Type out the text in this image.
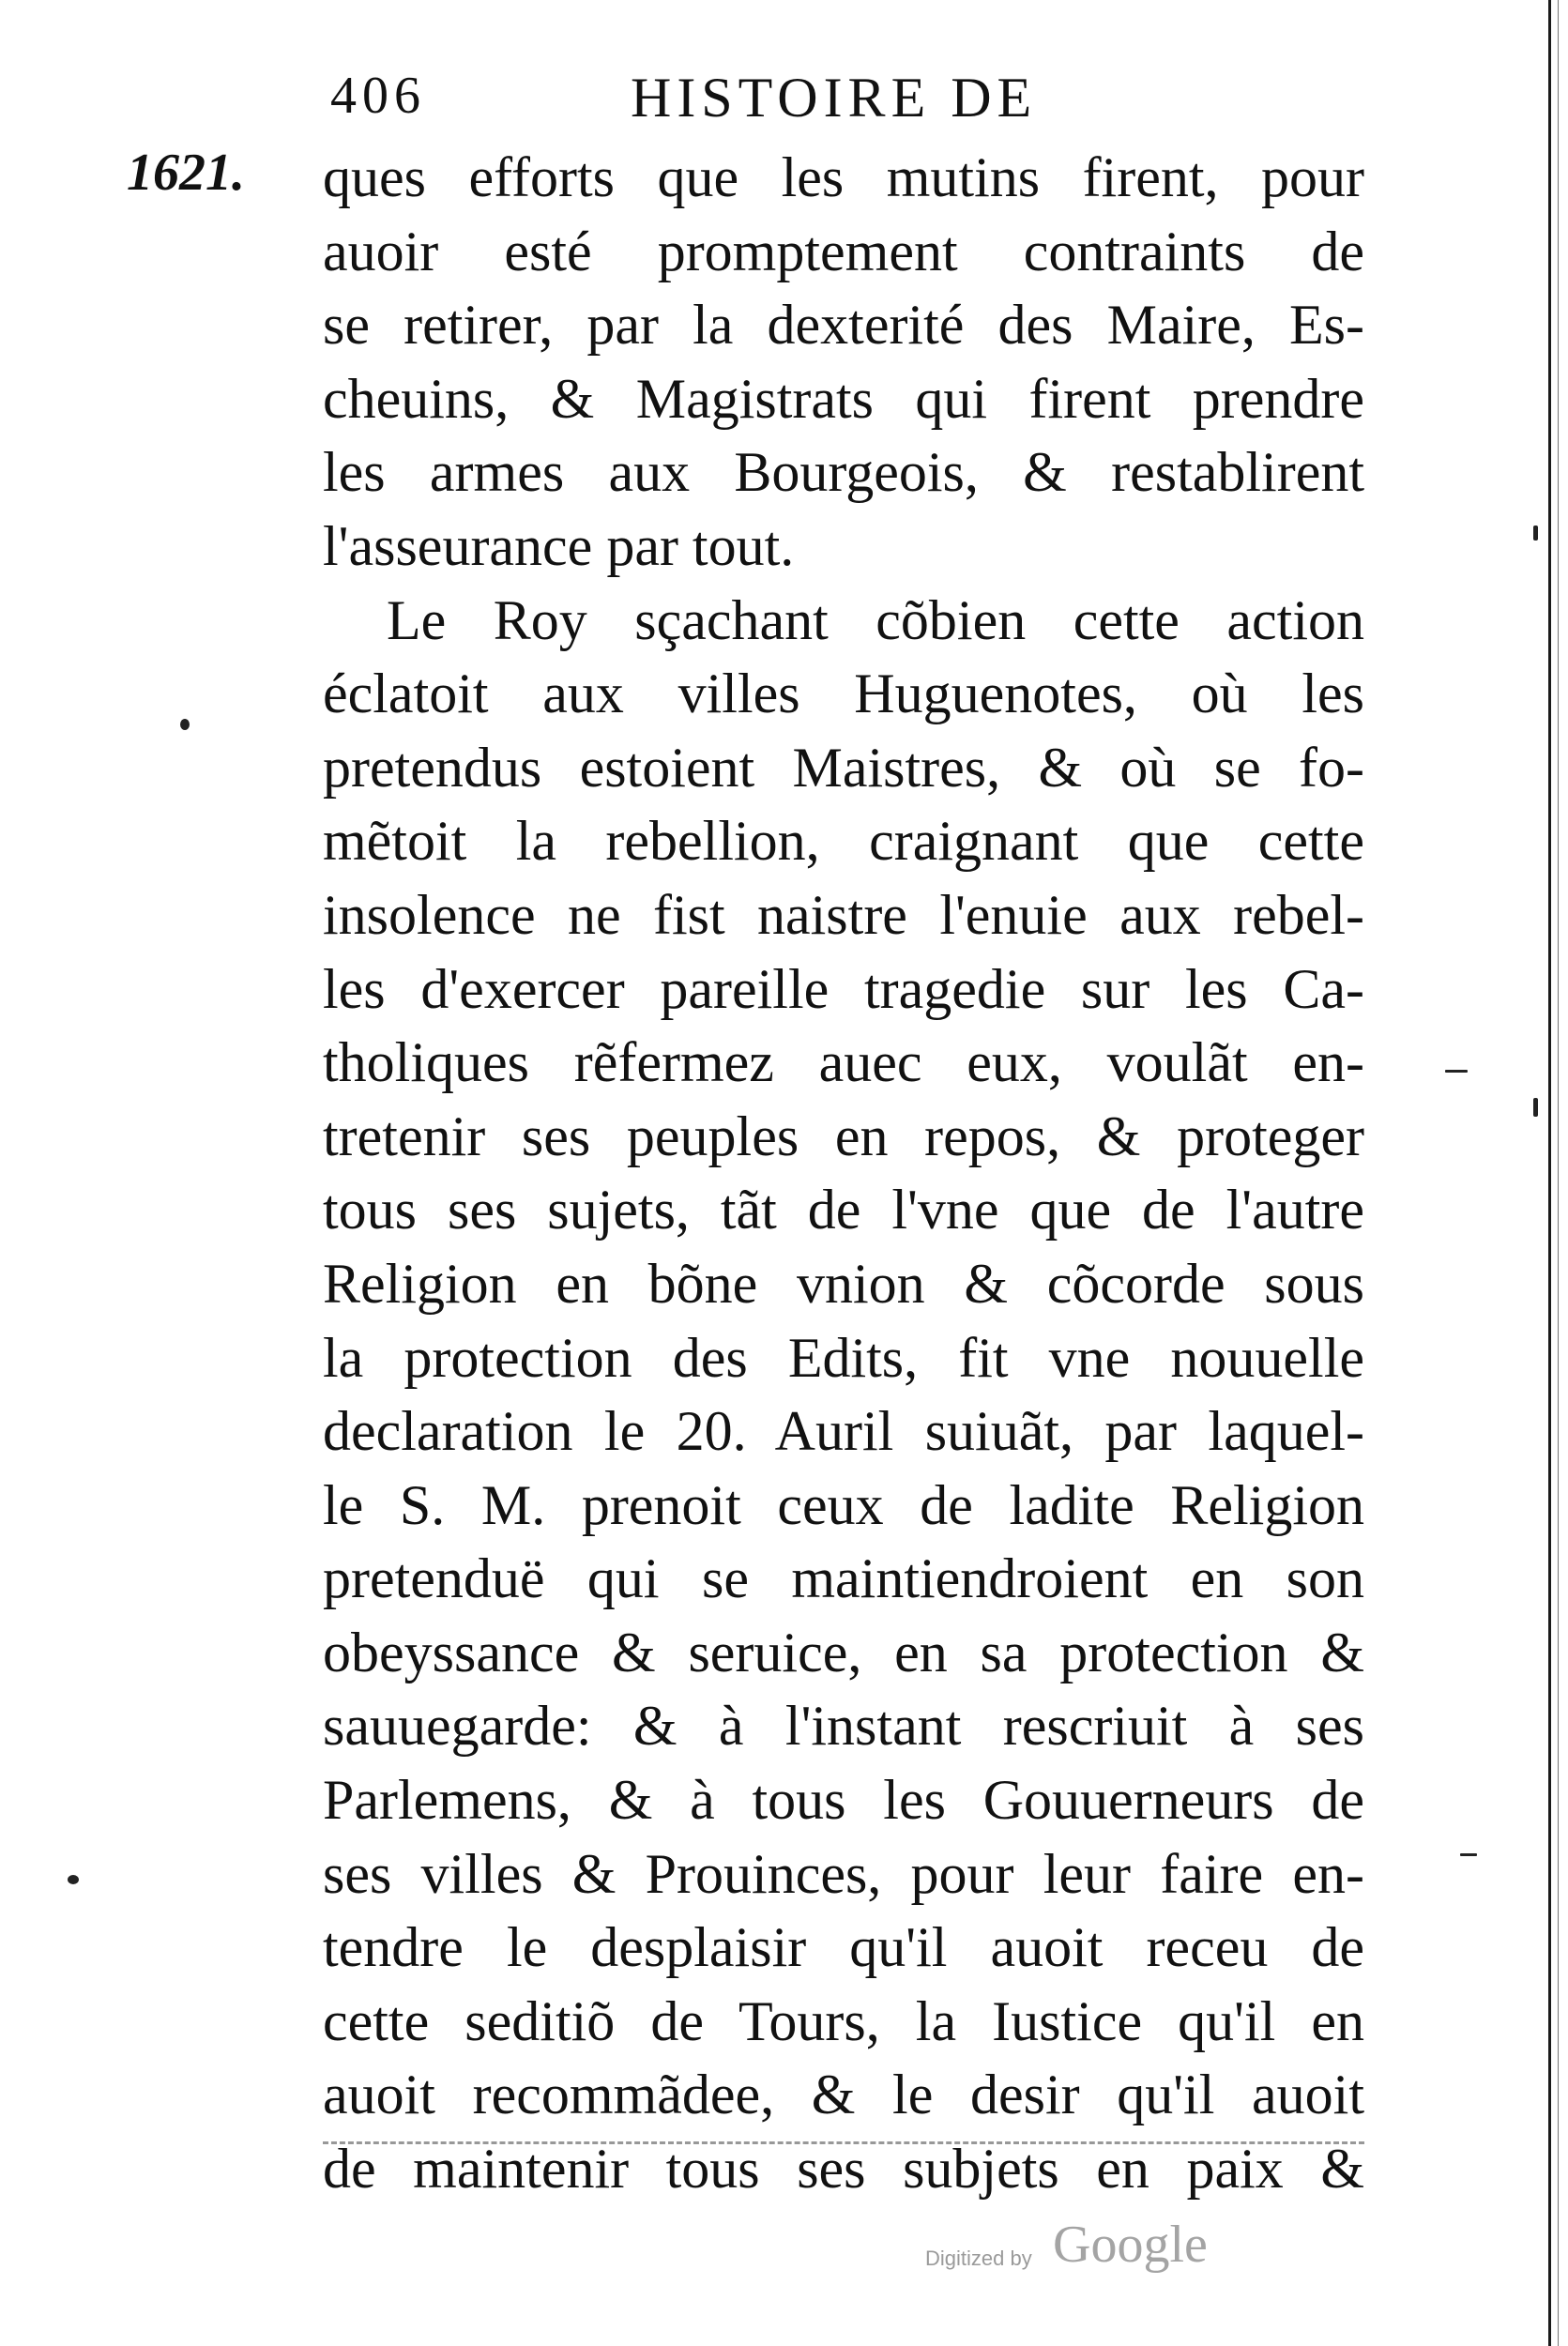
406	HISTOIRE DE
1621. ques efforts que les mutins firent, pour
auoir esté promptement contraints de
se retirer, par la dexterité des Maire, Es-
cheuins, & Magistrats qui firent prendre
les armes aux Bourgeois, & restablirent
l'asseurance par tout.
Le Roy sçachant cõbien cette action
éclatoit aux villes Huguenotes, où les
pretendus estoient Maistres, & où se fo-
mẽtoit la rebellion, craignant que cette
insolence ne fist naistre l'enuie aux rebel-
les d'exercer pareille tragedie sur les Ca-
tholiques rẽfermez auec eux, voulãt en-
tretenir ses peuples en repos, & proteger
tous ses sujets, tãt de l'vne que de l'autre
Religion en bõne vnion & cõcorde sous
la protection des Edits, fit vne nouuelle
declaration le 20. Auril suiuãt, par laquel-
le S. M. prenoit ceux de ladite Religion
pretenduë qui se maintiendroient en son
obeyssance & seruice, en sa protection &
sauuegarde: & à l'instant rescriuit à ses
Parlemens, & à tous les Gouuerneurs de
ses villes & Prouinces, pour leur faire en-
tendre le desplaisir qu'il auoit receu de
cette seditiõ de Tours, la Iustice qu'il en
auoit recommãdee, & le desir qu'il auoit
de maintenir tous ses subjets en paix &
Digitized by Google
